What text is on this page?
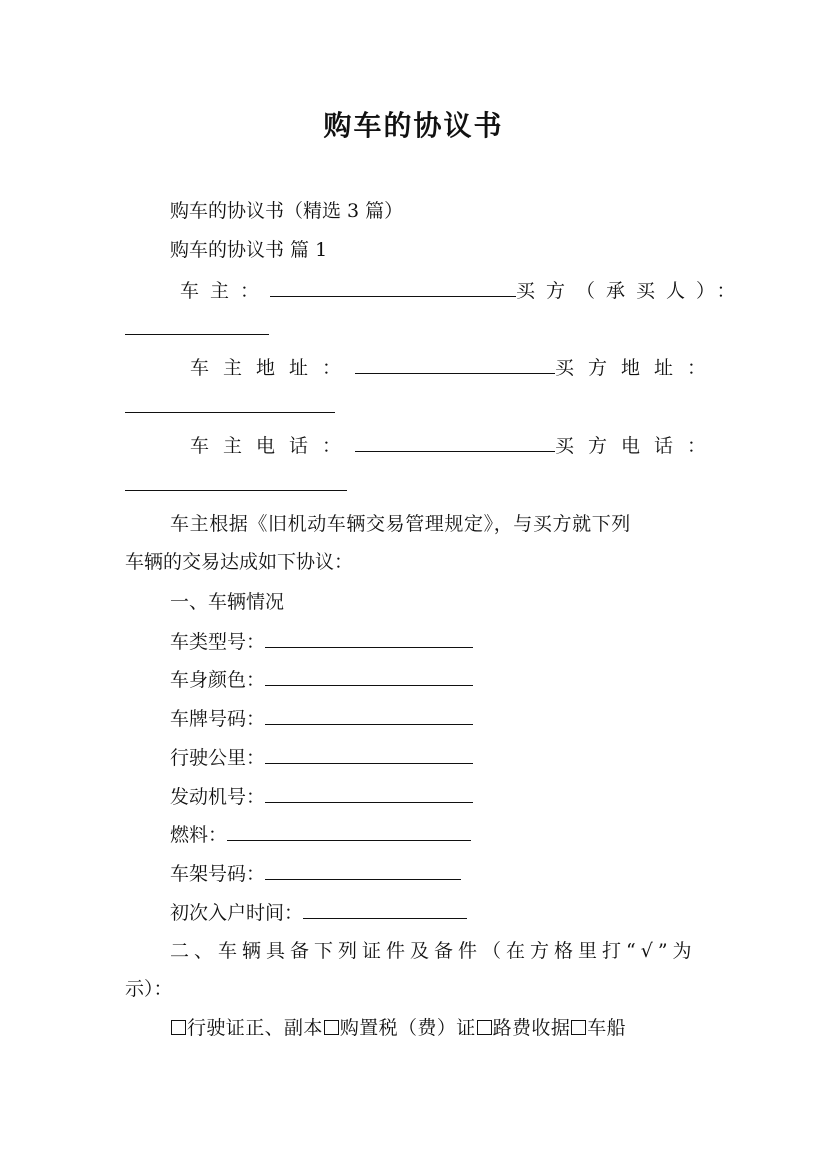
购车的协议书
购车的协议书（精选 3 篇）
购车的协议书 篇 1
车主：	买方（承买人）：
车主地址：	买方地址：
车主电话：	买方电话：
车主根据《旧机动车辆交易管理规定》，与买方就下列
车辆的交易达成如下协议：
一、车辆情况
车类型号：
车身颜色：
车牌号码：
行驶公里：
发动机号：
燃料：
车架号码：
初次入户时间：
二、车辆具备下列证件及备件（在方格里打“√”为
示）：
行驶证正、副本 购置税（费）证 路费收据 车船
